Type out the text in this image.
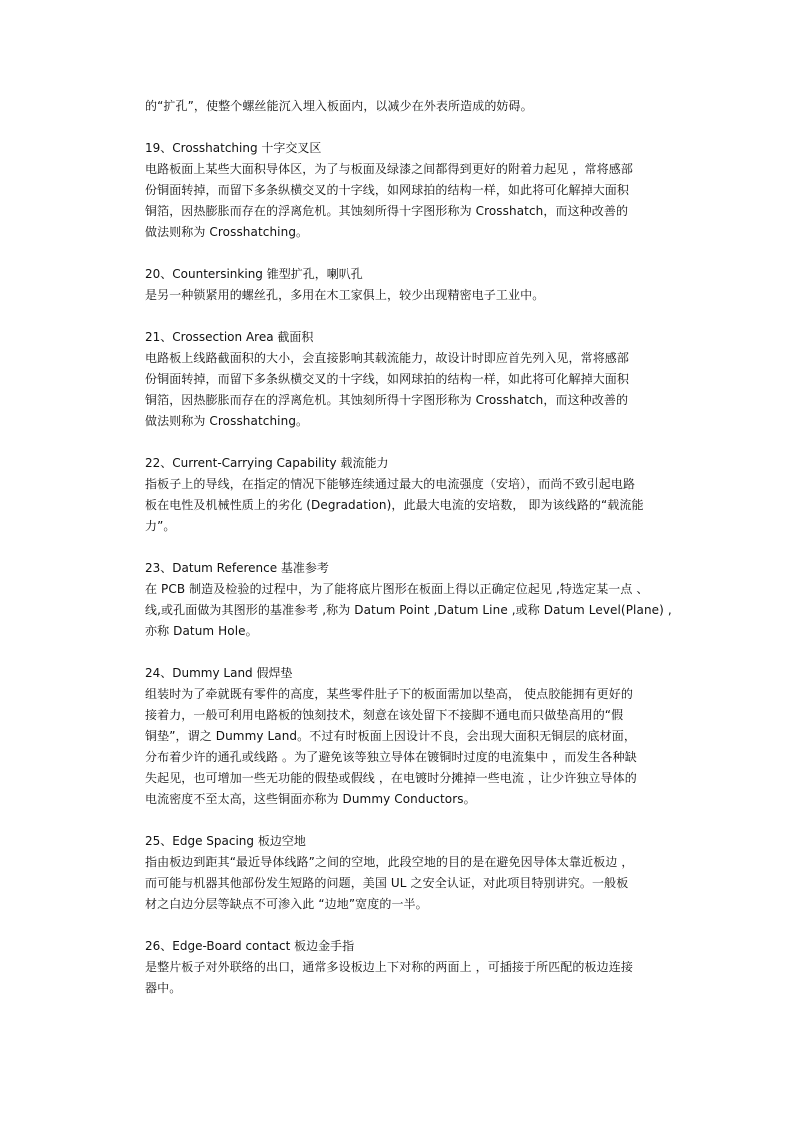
的“扩孔”，使整个螺丝能沉入埋入板面内，以减少在外表所造成的妨碍。
19、Crosshatching 十字交叉区
电路板面上某些大面积导体区，为了与板面及绿漆之间都得到更好的附着力起见 ，常将感部
份铜面转掉，而留下多条纵横交叉的十字线，如网球拍的结构一样，如此将可化解掉大面积
铜箔，因热膨胀而存在的浮离危机。其蚀刻所得十字图形称为 Crosshatch，而这种改善的
做法则称为 Crosshatching。
20、Countersinking 锥型扩孔，喇叭孔
是另一种锁紧用的螺丝孔，多用在木工家俱上，较少出现精密电子工业中。
21、Crossection Area 截面积
电路板上线路截面积的大小，会直接影响其载流能力，故设计时即应首先列入见，常将感部
份铜面转掉，而留下多条纵横交叉的十字线，如网球拍的结构一样，如此将可化解掉大面积
铜箔，因热膨胀而存在的浮离危机。其蚀刻所得十字图形称为 Crosshatch，而这种改善的
做法则称为 Crosshatching。
22、Current-Carrying Capability 载流能力
指板子上的导线，在指定的情况下能够连续通过最大的电流强度（安培），而尚不致引起电路
板在电性及机械性质上的劣化 (Degradation)，此最大电流的安培数， 即为该线路的“载流能
力”。
23、Datum Reference 基准参考
在 PCB 制造及检验的过程中，为了能将底片图形在板面上得以正确定位起见 ,特选定某一点 、
线,或孔面做为其图形的基准参考 ,称为 Datum Point ,Datum Line ,或称 Datum Level(Plane) ,
亦称 Datum Hole。
24、Dummy Land 假焊垫
组装时为了牵就既有零件的高度，某些零件肚子下的板面需加以垫高， 使点胶能拥有更好的
接着力，一般可利用电路板的蚀刻技术，刻意在该处留下不接脚不通电而只做垫高用的“假
铜垫”，谓之 Dummy Land。不过有时板面上因设计不良，会出现大面积无铜层的底材面，
分布着少许的通孔或线路 。为了避免该等独立导体在镀铜时过度的电流集中 ，而发生各种缺
失起见，也可增加一些无功能的假垫或假线 ，在电镀时分摊掉一些电流 ，让少许独立导体的
电流密度不至太高，这些铜面亦称为 Dummy Conductors。
25、Edge Spacing 板边空地
指由板边到距其“最近导体线路”之间的空地，此段空地的目的是在避免因导体太靠近板边 ，
而可能与机器其他部份发生短路的问题，美国 UL 之安全认证，对此项目特别讲究。一般板
材之白边分层等缺点不可渗入此 “边地”宽度的一半。
26、Edge-Board contact 板边金手指
是整片板子对外联络的出口，通常多设板边上下对称的两面上 ，可插接于所匹配的板边连接
器中。
